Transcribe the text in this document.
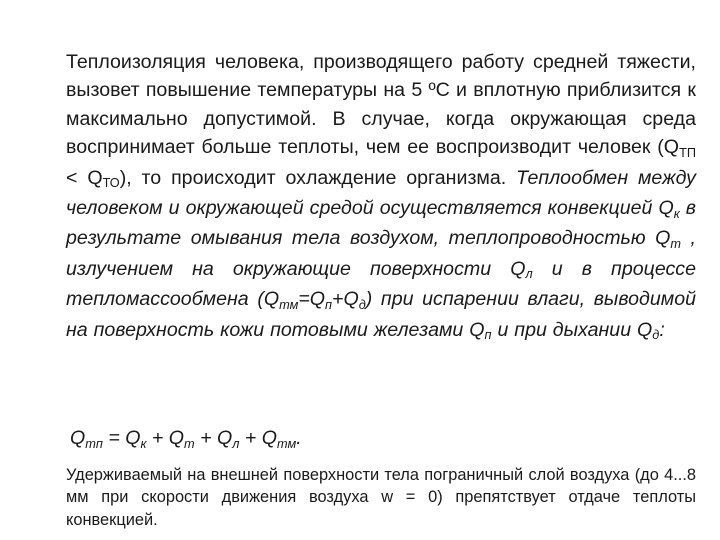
Теплоизоляция человека, производящего работу средней тяжести, вызовет повышение температуры на 5 ºС и вплотную приблизится к максимально допустимой. В случае, когда окружающая среда воспринимает больше теплоты, чем ее воспроизводит человек $(Q_{ТП} < Q_{ТО})$, то происходит охлаждение организма. Теплообмен между человеком и окружающей средой осуществляется конвекцией $Q_к$ в результате омывания тела воздухом, теплопроводностью $Q_т$ , излучением на окружающие поверхности $Q_л$ и в процессе тепломассообмена $(Q_{тм}=Q_п+Q_д)$ при испарении влаги, выводимой на поверхность кожи потовыми железами $Q_п$ и при дыхании $Q_д$:
$Q_{тп} = Q_к + Q_т + Q_л + Q_{тм}$.
Удерживаемый на внешней поверхности тела пограничный слой воздуха (до 4...8 мм при скорости движения воздуха w = 0) препятствует отдаче теплоты конвекцией.
